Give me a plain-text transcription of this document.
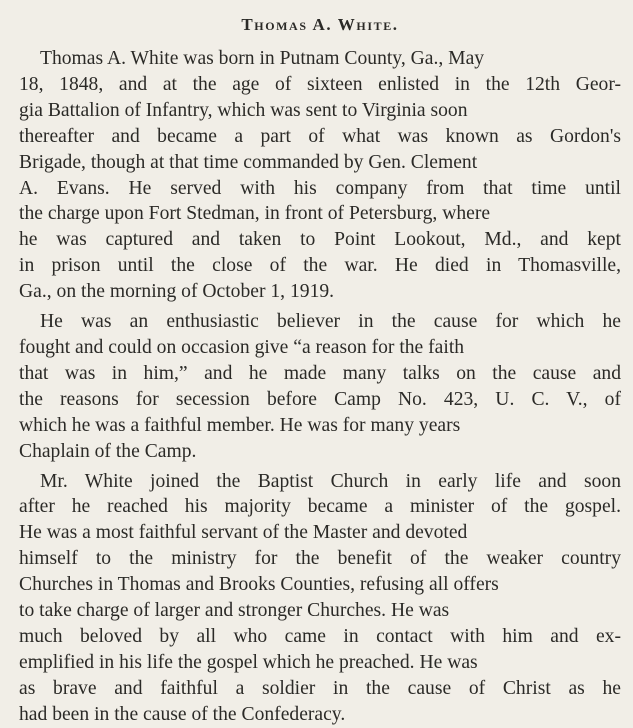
Thomas A. White.

Thomas A. White was born in Putnam County, Ga., May
18, 1848, and at the age of sixteen enlisted in the 12th Geor-
gia Battalion of Infantry, which was sent to Virginia soon
thereafter and became a part of what was known as Gordon's
Brigade, though at that time commanded by Gen. Clement
A. Evans. He served with his company from that time until
the charge upon Fort Stedman, in front of Petersburg, where
he was captured and taken to Point Lookout, Md., and kept
in prison until the close of the war. He died in Thomasville,
Ga., on the morning of October 1, 1919.

He was an enthusiastic believer in the cause for which he
fought and could on occasion give “a reason for the faith
that was in him,” and he made many talks on the cause and
the reasons for secession before Camp No. 423, U. C. V., of
which he was a faithful member. He was for many years
Chaplain of the Camp.

Mr. White joined the Baptist Church in early life and soon
after he reached his majority became a minister of the gospel.
He was a most faithful servant of the Master and devoted
himself to the ministry for the benefit of the weaker country
Churches in Thomas and Brooks Counties, refusing all offers
to take charge of larger and stronger Churches. He was
much beloved by all who came in contact with him and ex-
emplified in his life the gospel which he preached. He was
as brave and faithful a soldier in the cause of Christ as he
had been in the cause of the Confederacy.
